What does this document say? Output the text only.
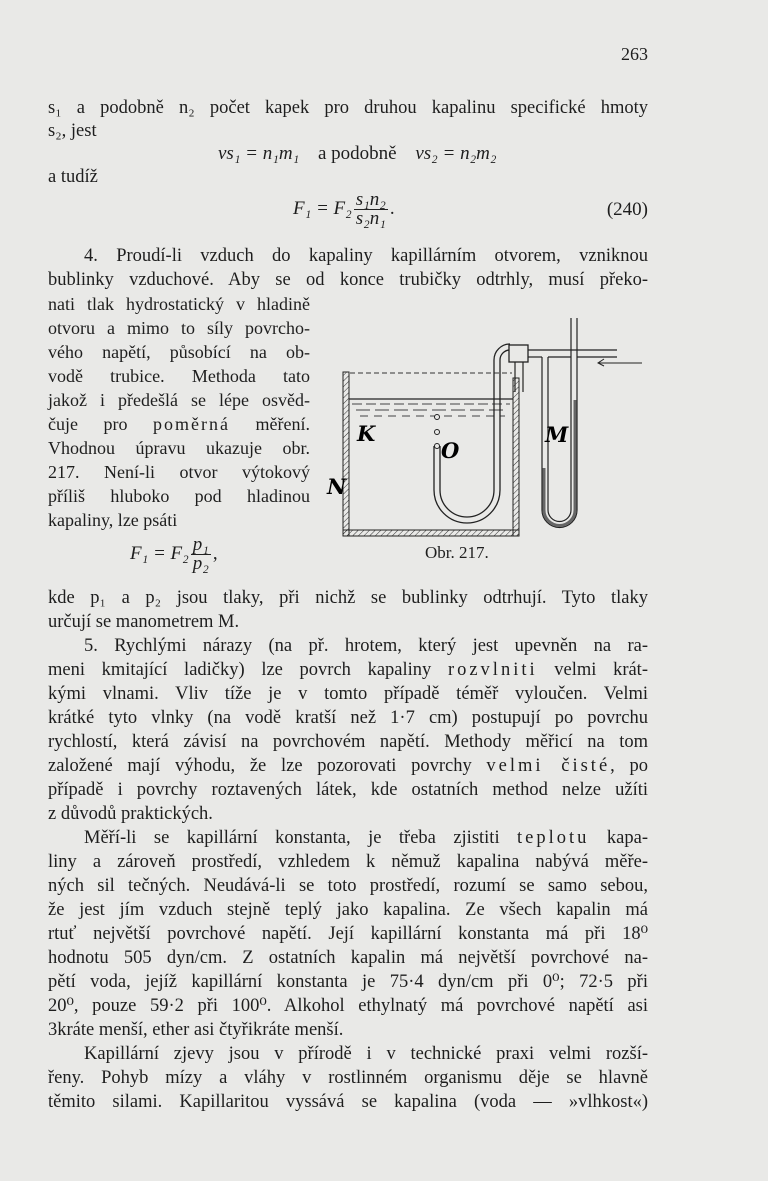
263
s₁ a podobně n₂ počet kapek pro druhou kapalinu specifické hmoty
s₂, jest
vs₁ = n₁m₁ a podobně vs₂ = n₂m₂
a tudíž
$F_1 = F_2 \frac{\text{s₁n₂}}{\text{s₂n₁}}$ .	(240)
4. Proudí-li vzduch do kapaliny kapillárním otvorem, vzniknou
bublinky vzduchové. Aby se od konce trubičky odtrhly, musí překo-
nati tlak hydrostatický v hladině
otvoru a mimo to síly povrcho-
vého napětí, působící na ob-
vodě trubice. Methoda tato
jakož i předešlá se lépe osvěd-
čuje pro poměrná měření.
Vhodnou úpravu ukazuje obr.
217. Není-li otvor výtokový
příliš hluboko pod hladinou
kapaliny, lze psáti
$F_1 = F_2 \frac{\text{p₁}}{\text{p₂}}$ ,
K
O
M
N
Obr. 217.
kde p₁ a p₂ jsou tlaky, při nichž se bublinky odtrhují. Tyto tlaky
určují se manometrem M.
5. Rychlými nárazy (na př. hrotem, který jest upevněn na ra-
meni kmitající ladičky) lze povrch kapaliny rozvlniti velmi krát-
kými vlnami. Vliv tíže je v tomto případě téměř vyloučen. Velmi
krátké tyto vlnky (na vodě kratší než 1·7 cm) postupují po povrchu
rychlostí, která závisí na povrchovém napětí. Methody měřicí na tom
založené mají výhodu, že lze pozorovati povrchy velmi čisté, po
případě i povrchy roztavených látek, kde ostatních method nelze užíti
z důvodů praktických.
Měří-li se kapillární konstanta, je třeba zjistiti teplotu kapa-
liny a zároveň prostředí, vzhledem k němuž kapalina nabývá měře-
ných sil tečných. Neudává-li se toto prostředí, rozumí se samo sebou,
že jest jím vzduch stejně teplý jako kapalina. Ze všech kapalin má
rtuť největší povrchové napětí. Její kapillární konstanta má při 18⁰
hodnotu 505 dyn/cm. Z ostatních kapalin má největší povrchové na-
pětí voda, jejíž kapillární konstanta je 75·4 dyn/cm při 0⁰; 72·5 při
20⁰, pouze 59·2 při 100⁰. Alkohol ethylnatý má povrchové napětí asi
3kráte menší, ether asi čtyřikráte menší.
Kapillární zjevy jsou v přírodě i v technické praxi velmi rozší-
řeny. Pohyb mízy a vláhy v rostlinném organismu děje se hlavně
těmito silami. Kapillaritou vyssává se kapalina (voda — »vlhkost«)
